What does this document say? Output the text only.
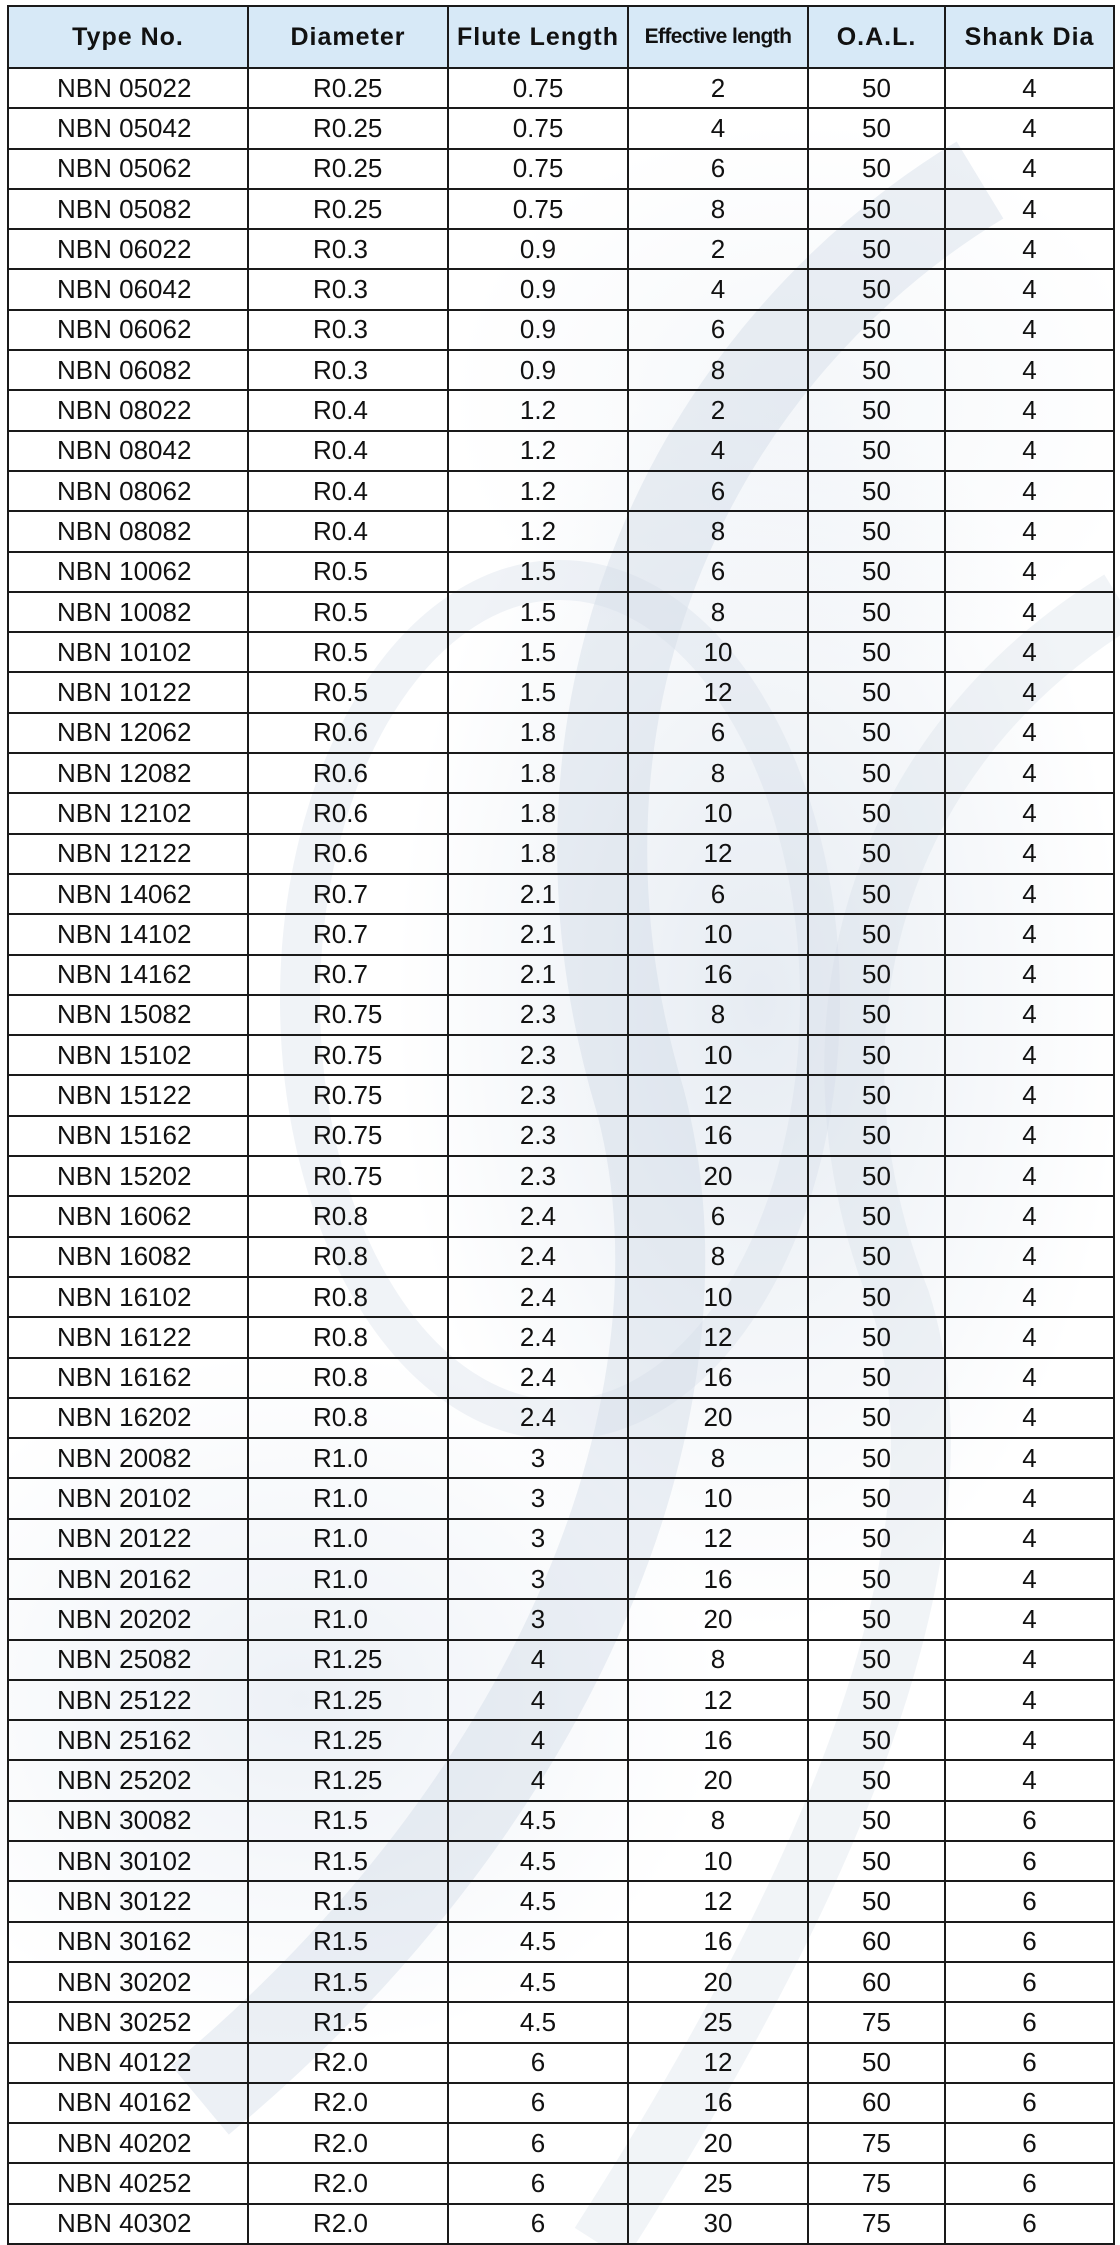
Type No.	Diameter	Flute Length	Effective length	O.A.L.	Shank Dia
NBN 05022	R0.25	0.75	2	50	4
NBN 05042	R0.25	0.75	4	50	4
NBN 05062	R0.25	0.75	6	50	4
NBN 05082	R0.25	0.75	8	50	4
NBN 06022	R0.3	0.9	2	50	4
NBN 06042	R0.3	0.9	4	50	4
NBN 06062	R0.3	0.9	6	50	4
NBN 06082	R0.3	0.9	8	50	4
NBN 08022	R0.4	1.2	2	50	4
NBN 08042	R0.4	1.2	4	50	4
NBN 08062	R0.4	1.2	6	50	4
NBN 08082	R0.4	1.2	8	50	4
NBN 10062	R0.5	1.5	6	50	4
NBN 10082	R0.5	1.5	8	50	4
NBN 10102	R0.5	1.5	10	50	4
NBN 10122	R0.5	1.5	12	50	4
NBN 12062	R0.6	1.8	6	50	4
NBN 12082	R0.6	1.8	8	50	4
NBN 12102	R0.6	1.8	10	50	4
NBN 12122	R0.6	1.8	12	50	4
NBN 14062	R0.7	2.1	6	50	4
NBN 14102	R0.7	2.1	10	50	4
NBN 14162	R0.7	2.1	16	50	4
NBN 15082	R0.75	2.3	8	50	4
NBN 15102	R0.75	2.3	10	50	4
NBN 15122	R0.75	2.3	12	50	4
NBN 15162	R0.75	2.3	16	50	4
NBN 15202	R0.75	2.3	20	50	4
NBN 16062	R0.8	2.4	6	50	4
NBN 16082	R0.8	2.4	8	50	4
NBN 16102	R0.8	2.4	10	50	4
NBN 16122	R0.8	2.4	12	50	4
NBN 16162	R0.8	2.4	16	50	4
NBN 16202	R0.8	2.4	20	50	4
NBN 20082	R1.0	3	8	50	4
NBN 20102	R1.0	3	10	50	4
NBN 20122	R1.0	3	12	50	4
NBN 20162	R1.0	3	16	50	4
NBN 20202	R1.0	3	20	50	4
NBN 25082	R1.25	4	8	50	4
NBN 25122	R1.25	4	12	50	4
NBN 25162	R1.25	4	16	50	4
NBN 25202	R1.25	4	20	50	4
NBN 30082	R1.5	4.5	8	50	6
NBN 30102	R1.5	4.5	10	50	6
NBN 30122	R1.5	4.5	12	50	6
NBN 30162	R1.5	4.5	16	60	6
NBN 30202	R1.5	4.5	20	60	6
NBN 30252	R1.5	4.5	25	75	6
NBN 40122	R2.0	6	12	50	6
NBN 40162	R2.0	6	16	60	6
NBN 40202	R2.0	6	20	75	6
NBN 40252	R2.0	6	25	75	6
NBN 40302	R2.0	6	30	75	6
